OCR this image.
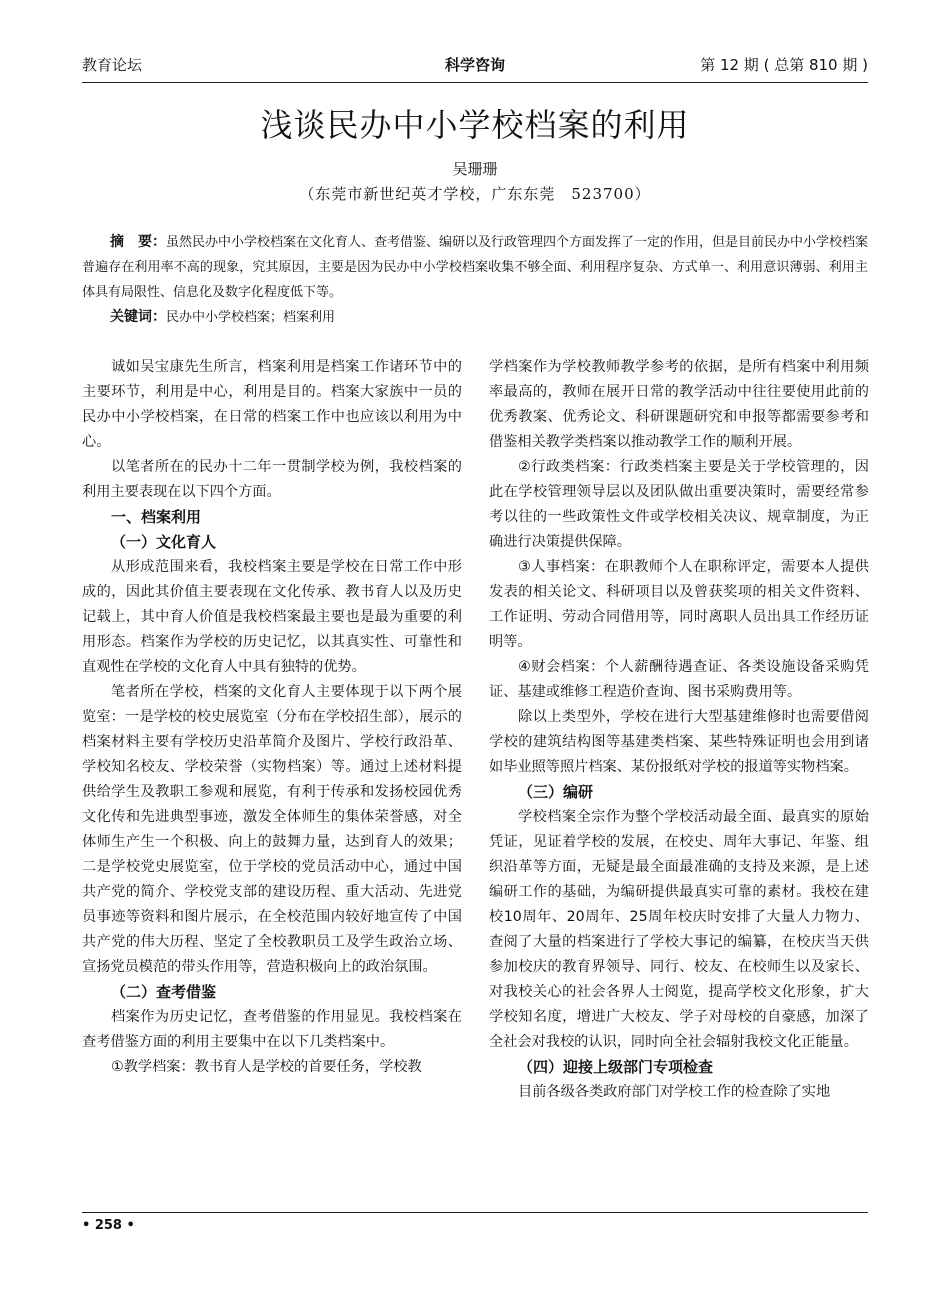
教育论坛	科学咨询	第 12 期 ( 总第 810 期 )
浅谈民办中小学校档案的利用
吴珊珊
（东莞市新世纪英才学校，广东东莞　523700）

摘　要：虽然民办中小学校档案在文化育人、查考借鉴、编研以及行政管理四个方面发挥了一定的作用，但是目前民办中小学校档案普遍存在利用率不高的现象，究其原因，主要是因为民办中小学校档案收集不够全面、利用程序复杂、方式单一、利用意识薄弱、利用主体具有局限性、信息化及数字化程度低下等。

关键词：民办中小学校档案；档案利用

诚如吴宝康先生所言，档案利用是档案工作诸环节中的主要环节，利用是中心，利用是目的。档案大家族中一员的民办中小学校档案，在日常的档案工作中也应该以利用为中心。

以笔者所在的民办十二年一贯制学校为例，我校档案的利用主要表现在以下四个方面。

一、档案利用
（一）文化育人

从形成范围来看，我校档案主要是学校在日常工作中形成的，因此其价值主要表现在文化传承、教书育人以及历史记载上，其中育人价值是我校档案最主要也是最为重要的利用形态。档案作为学校的历史记忆，以其真实性、可靠性和直观性在学校的文化育人中具有独特的优势。

笔者所在学校，档案的文化育人主要体现于以下两个展览室：一是学校的校史展览室（分布在学校招生部），展示的档案材料主要有学校历史沿革简介及图片、学校行政沿革、学校知名校友、学校荣誉（实物档案）等。通过上述材料提供给学生及教职工参观和展览，有利于传承和发扬校园优秀文化传和先进典型事迹，激发全体师生的集体荣誉感，对全体师生产生一个积极、向上的鼓舞力量，达到育人的效果；二是学校党史展览室，位于学校的党员活动中心，通过中国共产党的简介、学校党支部的建设历程、重大活动、先进党员事迹等资料和图片展示，在全校范围内较好地宣传了中国共产党的伟大历程、坚定了全校教职员工及学生政治立场、宣扬党员模范的带头作用等，营造积极向上的政治氛围。

（二）查考借鉴

档案作为历史记忆，查考借鉴的作用显见。我校档案在查考借鉴方面的利用主要集中在以下几类档案中。

①教学档案：教书育人是学校的首要任务，学校教

学档案作为学校教师教学参考的依据，是所有档案中利用频率最高的，教师在展开日常的教学活动中往往要使用此前的优秀教案、优秀论文、科研课题研究和申报等都需要参考和借鉴相关教学类档案以推动教学工作的顺利开展。

②行政类档案：行政类档案主要是关于学校管理的，因此在学校管理领导层以及团队做出重要决策时，需要经常参考以往的一些政策性文件或学校相关决议、规章制度，为正确进行决策提供保障。

③人事档案：在职教师个人在职称评定，需要本人提供发表的相关论文、科研项目以及曾获奖项的相关文件资料、工作证明、劳动合同借用等，同时离职人员出具工作经历证明等。

④财会档案：个人薪酬待遇查证、各类设施设备采购凭证、基建或维修工程造价查询、图书采购费用等。

除以上类型外，学校在进行大型基建维修时也需要借阅学校的建筑结构图等基建类档案、某些特殊证明也会用到诸如毕业照等照片档案、某份报纸对学校的报道等实物档案。

（三）编研

学校档案全宗作为整个学校活动最全面、最真实的原始凭证，见证着学校的发展，在校史、周年大事记、年鉴、组织沿革等方面，无疑是最全面最准确的支持及来源，是上述编研工作的基础，为编研提供最真实可靠的素材。我校在建校10周年、20周年、25周年校庆时安排了大量人力物力、查阅了大量的档案进行了学校大事记的编纂，在校庆当天供参加校庆的教育界领导、同行、校友、在校师生以及家长、对我校关心的社会各界人士阅览，提高学校文化形象，扩大学校知名度，增进广大校友、学子对母校的自豪感，加深了全社会对我校的认识，同时向全社会辐射我校文化正能量。

（四）迎接上级部门专项检查

目前各级各类政府部门对学校工作的检查除了实地

• 258 •
